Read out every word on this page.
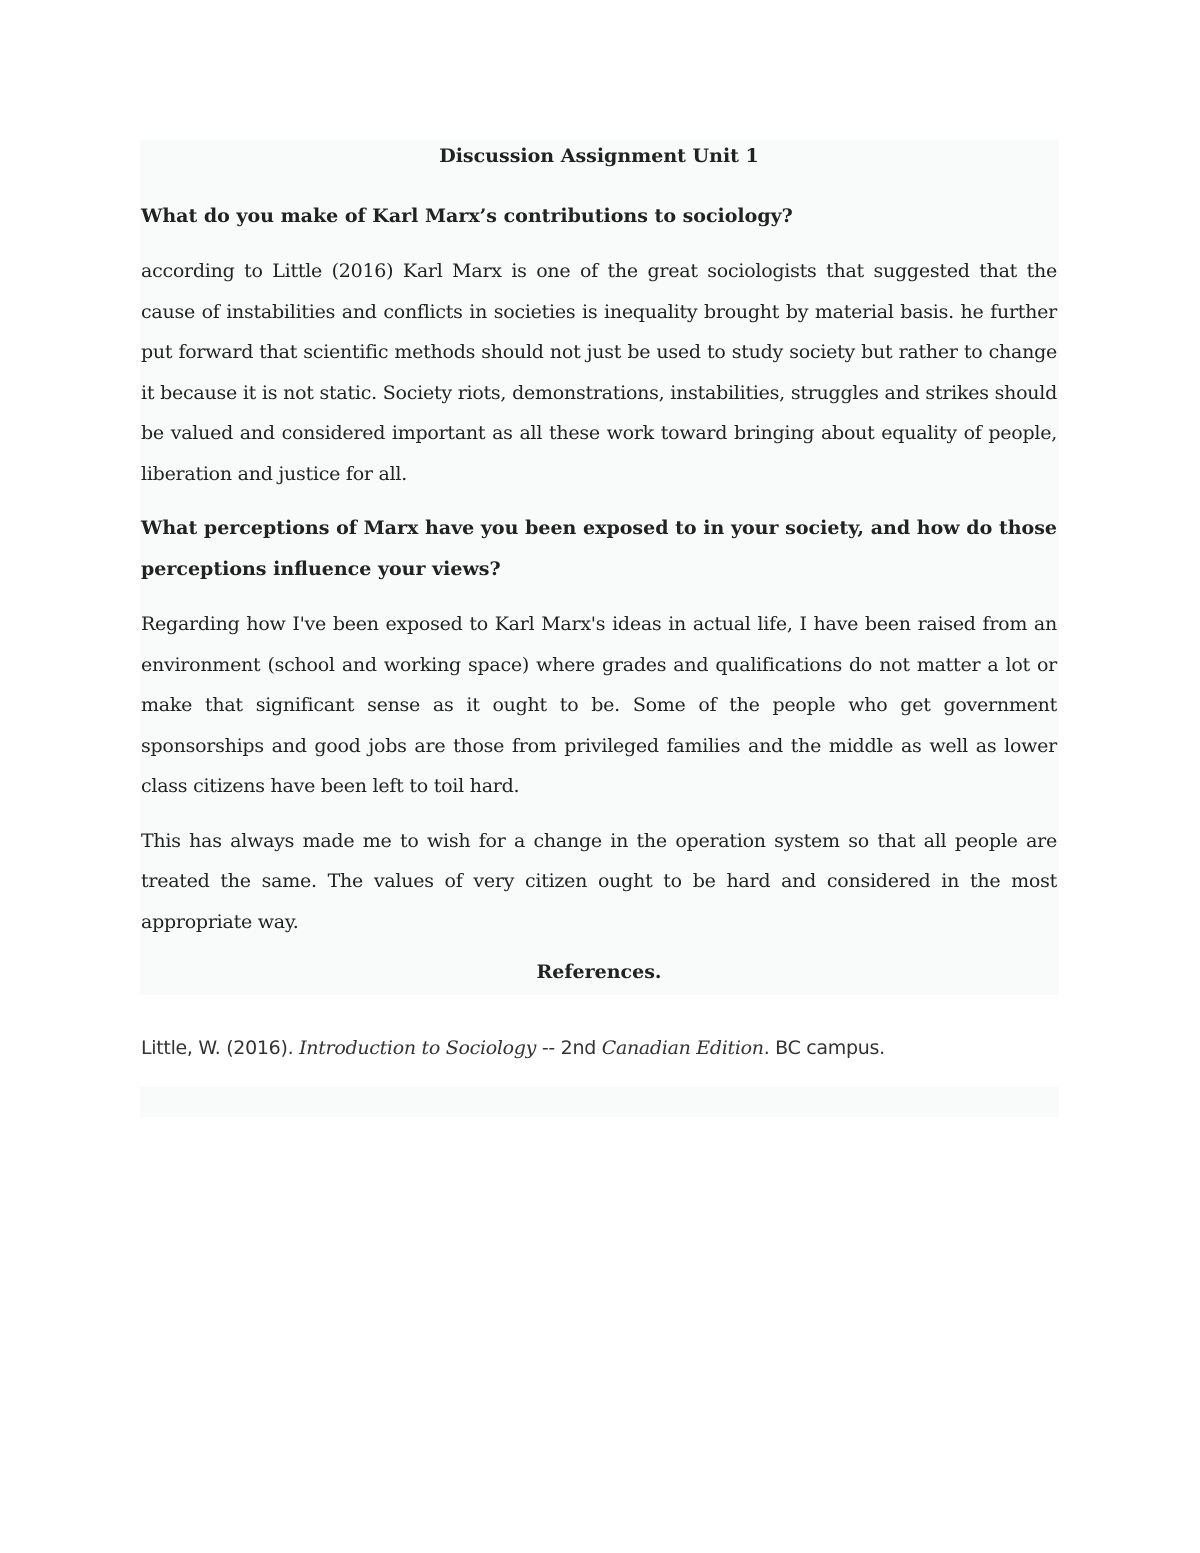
Discussion Assignment Unit 1

What do you make of Karl Marx’s contributions to sociology?

according to Little (2016) Karl Marx is one of the great sociologists that suggested that the cause of instabilities and conflicts in societies is inequality brought by material basis. he further put forward that scientific methods should not just be used to study society but rather to change it because it is not static. Society riots, demonstrations, instabilities, struggles and strikes should be valued and considered important as all these work toward bringing about equality of people, liberation and justice for all.

What perceptions of Marx have you been exposed to in your society, and how do those perceptions influence your views?

Regarding how I've been exposed to Karl Marx's ideas in actual life, I have been raised from an environment (school and working space) where grades and qualifications do not matter a lot or make that significant sense as it ought to be. Some of the people who get government sponsorships and good jobs are those from privileged families and the middle as well as lower class citizens have been left to toil hard.

This has always made me to wish for a change in the operation system so that all people are treated the same. The values of very citizen ought to be hard and considered in the most appropriate way.

References.

Little, W. (2016). Introduction to Sociology -- 2nd Canadian Edition. BC campus.
